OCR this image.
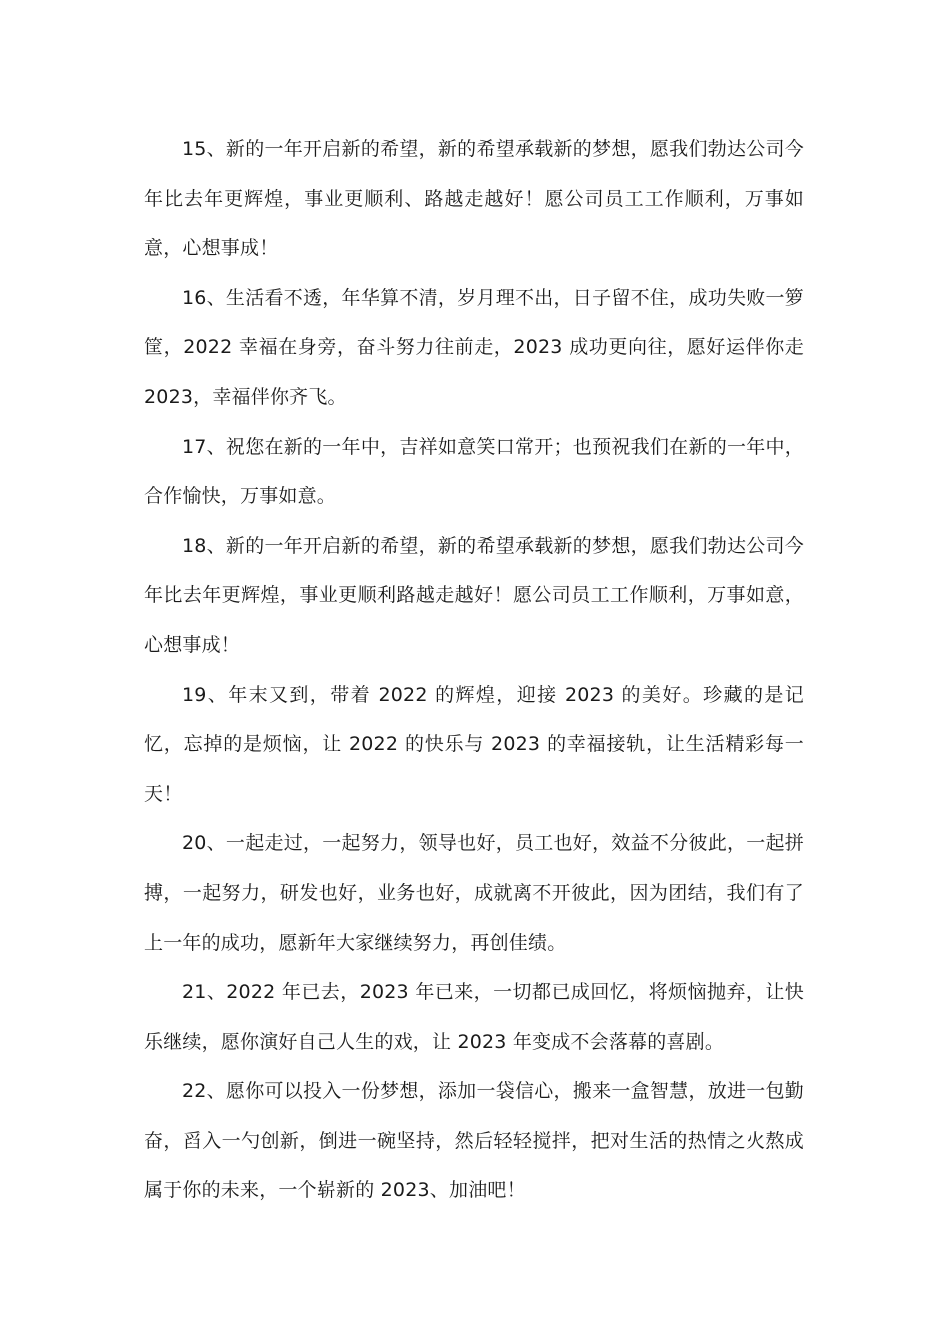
15、新的一年开启新的希望，新的希望承载新的梦想，愿我们勃达公司今年比去年更辉煌，事业更顺利、路越走越好！愿公司员工工作顺利，万事如意，心想事成！

16、生活看不透，年华算不清，岁月理不出，日子留不住，成功失败一箩筐，2022 幸福在身旁，奋斗努力往前走，2023 成功更向往，愿好运伴你走 2023，幸福伴你齐飞。

17、祝您在新的一年中，吉祥如意笑口常开；也预祝我们在新的一年中，合作愉快，万事如意。

18、新的一年开启新的希望，新的希望承载新的梦想，愿我们勃达公司今年比去年更辉煌，事业更顺利路越走越好！愿公司员工工作顺利，万事如意，心想事成！

19、年末又到，带着 2022 的辉煌，迎接 2023 的美好。珍藏的是记忆，忘掉的是烦恼，让 2022 的快乐与 2023 的幸福接轨，让生活精彩每一天！

20、一起走过，一起努力，领导也好，员工也好，效益不分彼此，一起拼搏，一起努力，研发也好，业务也好，成就离不开彼此，因为团结，我们有了上一年的成功，愿新年大家继续努力，再创佳绩。

21、2022 年已去，2023 年已来，一切都已成回忆，将烦恼抛弃，让快乐继续，愿你演好自己人生的戏，让 2023 年变成不会落幕的喜剧。

22、愿你可以投入一份梦想，添加一袋信心，搬来一盒智慧，放进一包勤奋，舀入一勺创新，倒进一碗坚持，然后轻轻搅拌，把对生活的热情之火熬成属于你的未来，一个崭新的 2023、加油吧！
